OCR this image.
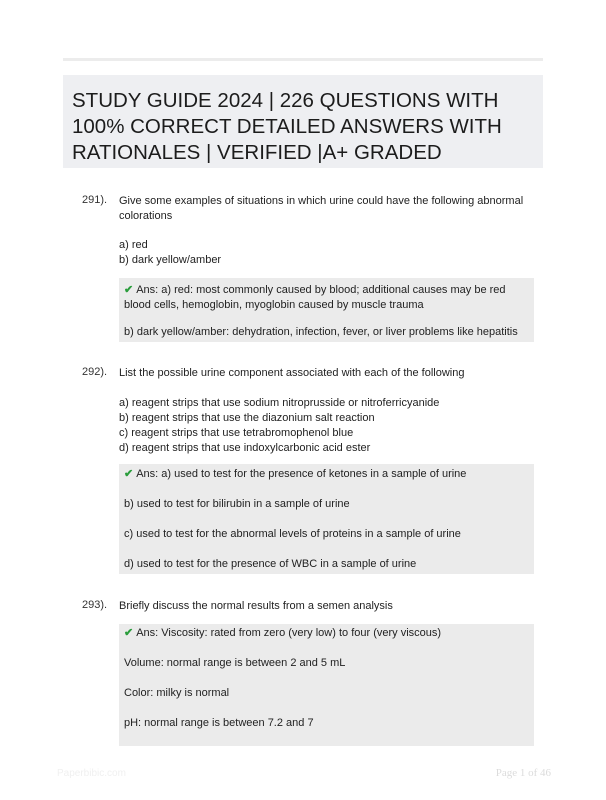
STUDY GUIDE 2024 | 226 QUESTIONS WITH 100% CORRECT DETAILED ANSWERS WITH RATIONALES | VERIFIED |A+ GRADED
291). Give some examples of situations in which urine could have the following abnormal colorations
a) red
b) dark yellow/amber
✔ Ans: a) red: most commonly caused by blood; additional causes may be red blood cells, hemoglobin, myoglobin caused by muscle trauma
b) dark yellow/amber: dehydration, infection, fever, or liver problems like hepatitis
292). List the possible urine component associated with each of the following
a) reagent strips that use sodium nitroprusside or nitroferricyanide
b) reagent strips that use the diazonium salt reaction
c) reagent strips that use tetrabromophenol blue
d) reagent strips that use indoxylcarbonic acid ester
✔ Ans: a) used to test for the presence of ketones in a sample of urine
b) used to test for bilirubin in a sample of urine
c) used to test for the abnormal levels of proteins in a sample of urine
d) used to test for the presence of WBC in a sample of urine
293). Briefly discuss the normal results from a semen analysis
✔ Ans: Viscosity: rated from zero (very low) to four (very viscous)
Volume: normal range is between 2 and 5 mL
Color: milky is normal
pH: normal range is between 7.2 and 7
Paperbibic.com	Page 1 of 46
